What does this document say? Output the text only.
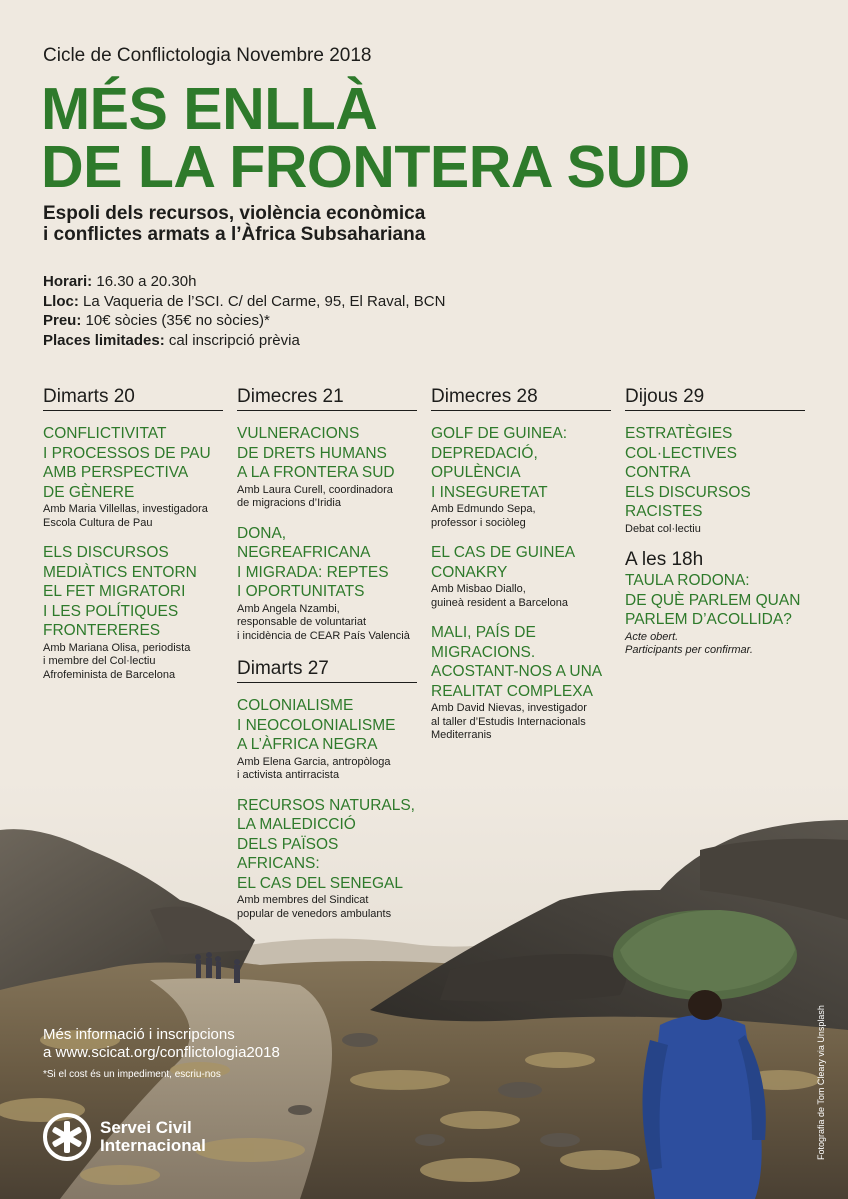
Cicle de Conflictologia Novembre 2018
MÉS ENLLÀ
DE LA FRONTERA SUD
Espoli dels recursos, violència econòmica
i conflictes armats a l’Àfrica Subsahariana
Horari: 16.30 a 20.30h
Lloc: La Vaqueria de l’SCI. C/ del Carme, 95, El Raval, BCN
Preu: 10€ sòcies (35€ no sòcies)*
Places limitades: cal inscripció prèvia
Dimarts 20
CONFLICTIVITAT
I PROCESSOS DE PAU
AMB PERSPECTIVA
DE GÈNERE
Amb Maria Villellas, investigadora
Escola Cultura de Pau
ELS DISCURSOS
MEDIÀTICS ENTORN
EL FET MIGRATORI
I LES POLÍTIQUES
FRONTERERES
Amb Mariana Olisa, periodista
i membre del Col·lectiu
Afrofeminista de Barcelona
Dimecres 21
VULNERACIONS
DE DRETS HUMANS
A LA FRONTERA SUD
Amb Laura Curell, coordinadora
de migracions d’Iridia
DONA, NEGREAFRICANA
I MIGRADA: REPTES
I OPORTUNITATS
Amb Angela Nzambi,
responsable de voluntariat
i incidència de CEAR País Valencià
Dimarts 27
COLONIALISME
I NEOCOLONIALISME
A L’ÀFRICA NEGRA
Amb Elena Garcia, antropòloga
i activista antirracista
RECURSOS NATURALS,
LA MALEDICCIÓ
DELS PAÏSOS AFRICANS:
EL CAS DEL SENEGAL
Amb membres del Sindicat
popular de venedors ambulants
Dimecres 28
GOLF DE GUINEA:
DEPREDACIÓ,
OPULÈNCIA
I INSEGURETAT
Amb Edmundo Sepa,
professor i sociòleg
EL CAS DE GUINEA
CONAKRY
Amb Misbao Diallo,
guineà resident a Barcelona
MALI, PAÍS DE
MIGRACIONS.
ACOSTANT-NOS A UNA
REALITAT COMPLEXA
Amb David Nievas, investigador
al taller d’Estudis Internacionals
Mediterranis
Dijous 29
ESTRATÈGIES
COL·LECTIVES CONTRA
ELS DISCURSOS
RACISTES
Debat col·lectiu
A les 18h
TAULA RODONA:
DE QUÈ PARLEM QUAN
PARLEM D’ACOLLIDA?
Acte obert.
Participants per confirmar.
Més informació i inscripcions
a www.scicat.org/conflictologia2018
*Si el cost és un impediment, escriu-nos
Servei Civil
Internacional	Fotografia de Tom Cleary via Unsplash
